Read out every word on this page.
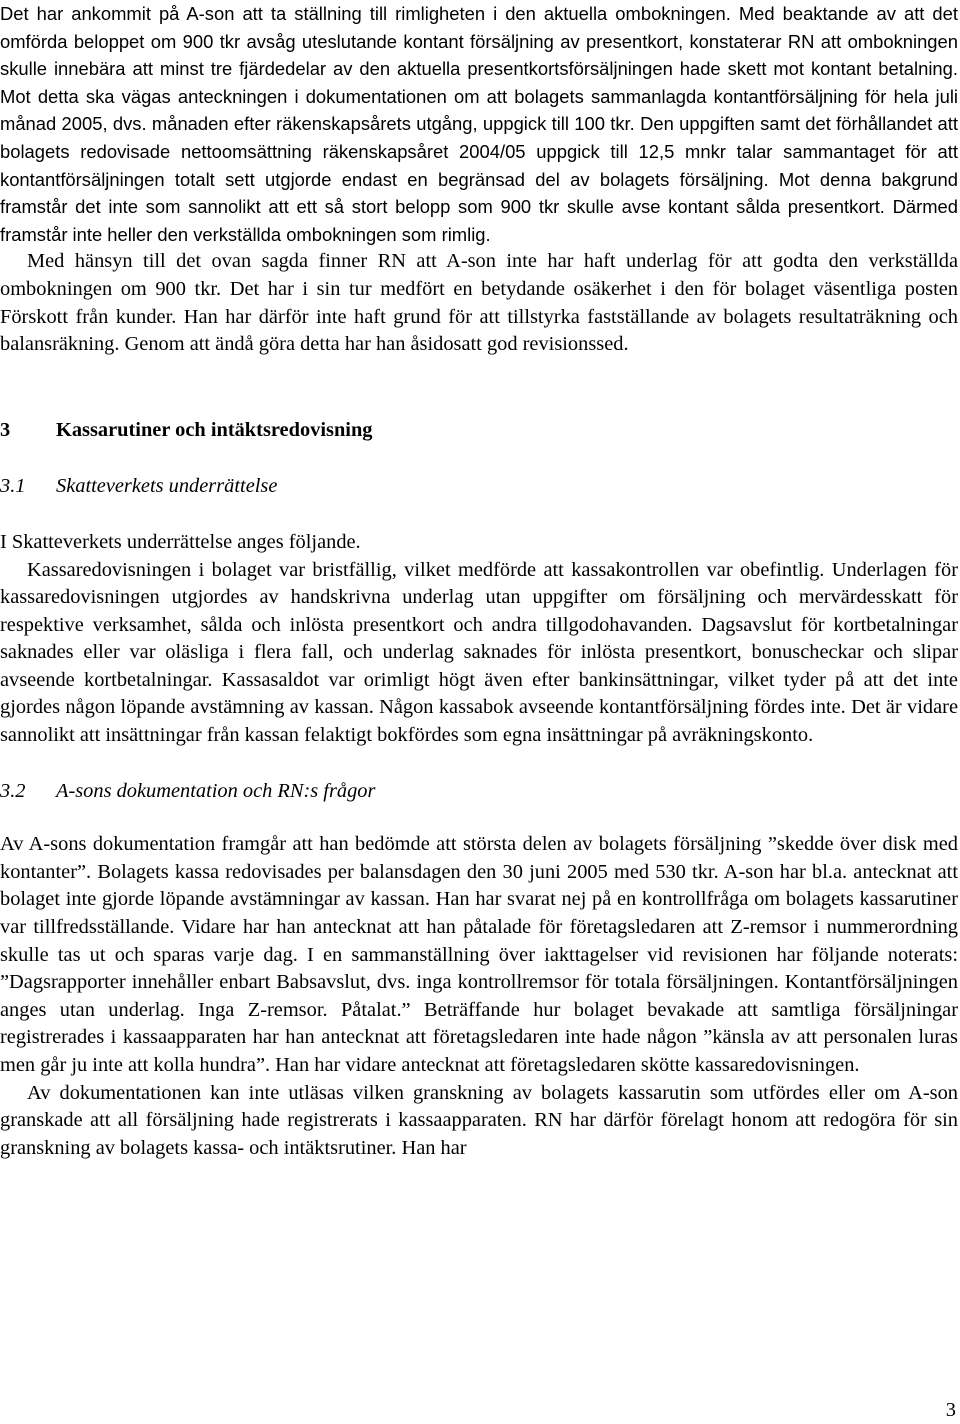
Det har ankommit på A-son att ta ställning till rimligheten i den aktuella ombokningen. Med beaktande av att det omförda beloppet om 900 tkr avsåg uteslutande kontant försäljning av presentkort, konstaterar RN att ombokningen skulle innebära att minst tre fjärdedelar av den aktuella presentkortsförsäljningen hade skett mot kontant betalning. Mot detta ska vägas anteckningen i dokumentationen om att bolagets sammanlagda kontantförsäljning för hela juli månad 2005, dvs. månaden efter räkenskapsårets utgång, uppgick till 100 tkr. Den uppgiften samt det förhållandet att bolagets redovisade nettoomsättning räkenskapsåret 2004/05 uppgick till 12,5 mnkr talar sammantaget för att kontantförsäljningen totalt sett utgjorde endast en begränsad del av bolagets försäljning. Mot denna bakgrund framstår det inte som sannolikt att ett så stort belopp som 900 tkr skulle avse kontant sålda presentkort. Därmed framstår inte heller den verkställda ombokningen som rimlig.

Med hänsyn till det ovan sagda finner RN att A-son inte har haft underlag för att godta den verkställda ombokningen om 900 tkr. Det har i sin tur medfört en betydande osäkerhet i den för bolaget väsentliga posten Förskott från kunder. Han har därför inte haft grund för att tillstyrka fastställande av bolagets resultaträkning och balansräkning. Genom att ändå göra detta har han åsidosatt god revisionssed.

3 Kassarutiner och intäktsredovisning
3.1 Skatteverkets underrättelse

I Skatteverkets underrättelse anges följande.

Kassaredovisningen i bolaget var bristfällig, vilket medförde att kassakontrollen var obefintlig. Underlagen för kassaredovisningen utgjordes av handskrivna underlag utan uppgifter om försäljning och mervärdesskatt för respektive verksamhet, sålda och inlösta presentkort och andra tillgodohavanden. Dagsavslut för kortbetalningar saknades eller var oläsliga i flera fall, och underlag saknades för inlösta presentkort, bonuscheckar och slipar avseende kortbetalningar. Kassasaldot var orimligt högt även efter bankinsättningar, vilket tyder på att det inte gjordes någon löpande avstämning av kassan. Någon kassabok avseende kontantförsäljning fördes inte. Det är vidare sannolikt att insättningar från kassan felaktigt bokfördes som egna insättningar på avräkningskonto.

3.2 A-sons dokumentation och RN:s frågor

Av A-sons dokumentation framgår att han bedömde att största delen av bolagets försäljning ”skedde över disk med kontanter”. Bolagets kassa redovisades per balansdagen den 30 juni 2005 med 530 tkr. A-son har bl.a. antecknat att bolaget inte gjorde löpande avstämningar av kassan. Han har svarat nej på en kontrollfråga om bolagets kassarutiner var tillfredsställande. Vidare har han antecknat att han påtalade för företagsledaren att Z-remsor i nummerordning skulle tas ut och sparas varje dag. I en sammanställning över iakttagelser vid revisionen har följande noterats: ”Dagsrapporter innehåller enbart Babsavslut, dvs. inga kontrollremsor för totala försäljningen. Kontantförsäljningen anges utan underlag. Inga Z-remsor. Påtalat.” Beträffande hur bolaget bevakade att samtliga försäljningar registrerades i kassaapparaten har han antecknat att företagsledaren inte hade någon ”känsla av att personalen luras men går ju inte att kolla hundra”. Han har vidare antecknat att företagsledaren skötte kassaredovisningen.

Av dokumentationen kan inte utläsas vilken granskning av bolagets kassarutin som utfördes eller om A-son granskade att all försäljning hade registrerats i kassaapparaten. RN har därför förelagt honom att redogöra för sin granskning av bolagets kassa- och intäktsrutiner. Han har

3
